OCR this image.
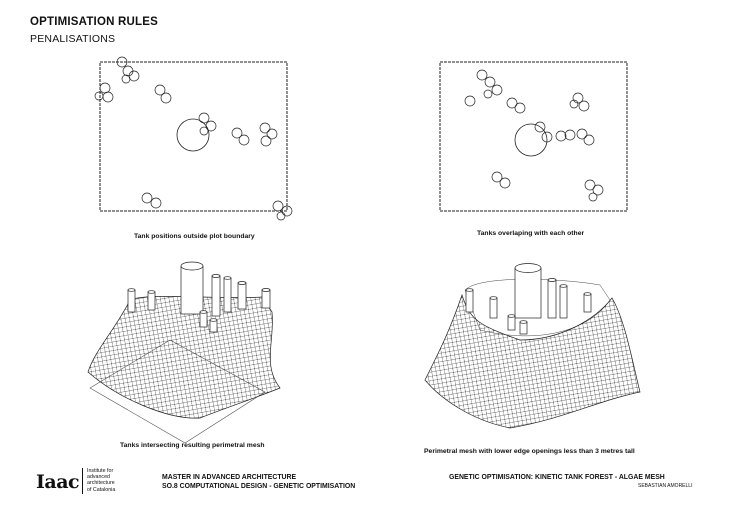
OPTIMISATION RULES
PENALISATIONS
Tank positions outside plot boundary	Tanks overlaping with each other
Tanks intersecting resulting perimetral mesh
Perimetral mesh with lower edge openings less than 3 metres tall
Iaac Institute for
advanced
architecture
of Catalonia
MASTER IN ADVANCED ARCHITECTURE
SO.8 COMPUTATIONAL DESIGN - GENETIC OPTIMISATION
GENETIC OPTIMISATION: KINETIC TANK FOREST - ALGAE MESH
SEBASTIAN AMORELLI
